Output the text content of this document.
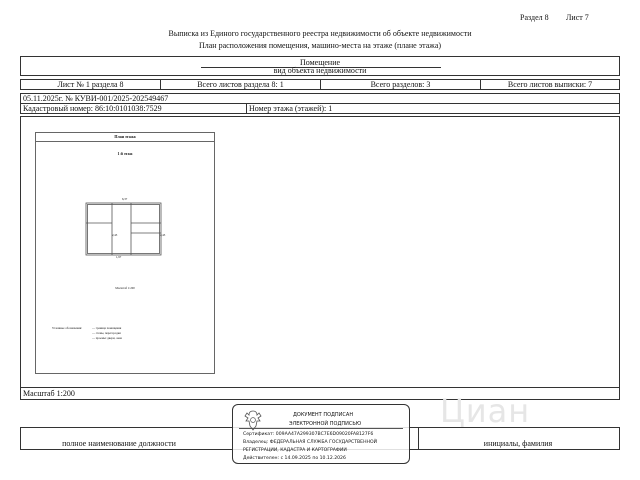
Раздел 8 Лист 7
Выписка из Единого государственного реестра недвижимости об объекте недвижимости
План расположения помещения, машино-места на этаже (плане этажа)
Помещение
вид объекта недвижимости
Лист № 1 раздела 8	Всего листов раздела 8: 1	Всего разделов: 3	Всего листов выписки: 7
05.11.2025г. № КУВИ-001/2025-202549467
Кадастровый номер: 86:10:0101038:7529	Номер этажа (этажей): 1
План этажа
1 й этаж
6,37
2,43	2,43
1,97
Масштаб 1:200
Условные обозначения:	— граница помещения
— стены, перегородки
— проемы: двери, окна
Масштаб 1:200
полное наименование должности	инициалы, фамилия
Циан
ДОКУМЕНТ ПОДПИСАН
ЭЛЕКТРОННОЙ ПОДПИСЬЮ
Сертификат: 009AA47A299307BC7E6D09020FA8127F6
Владелец: ФЕДЕРАЛЬНАЯ СЛУЖБА ГОСУДАРСТВЕННОЙ
РЕГИСТРАЦИИ, КАДАСТРА И КАРТОГРАФИИ
Действителен: с 14.09.2025 по 10.12.2026
